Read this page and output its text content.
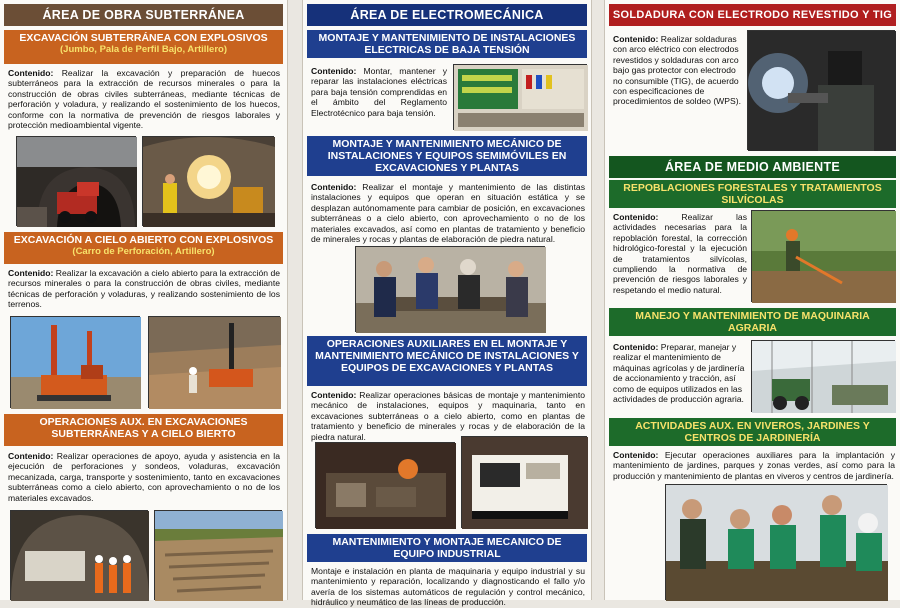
ÁREA DE OBRA SUBTERRÁNEA
EXCAVACIÓN SUBTERRÁNEA CON EXPLOSIVOS
(Jumbo, Pala de Perfil Bajo, Artillero)
Contenido: Realizar la excavación y preparación de huecos subterráneos para la extracción de recursos minerales o para la construcción de obras civiles subterráneas, mediante técnicas de perforación y voladura, y realizando el sostenimiento de los huecos, conforme con la normativa de prevención de riesgos laborales y protección medioambiental vigente.
EXCAVACIÓN A CIELO ABIERTO CON EXPLOSIVOS
(Carro de Perforación, Artillero)
Contenido: Realizar la excavación a cielo abierto para la extracción de recursos minerales o para la construcción de obras civiles, mediante técnicas de perforación y voladuras, y realizando sostenimiento de los terrenos.
OPERACIONES AUX. EN EXCAVACIONES
SUBTERRÁNEAS Y A CIELO BIERTO
Contenido: Realizar operaciones de apoyo, ayuda y asistencia en la ejecución de perforaciones y sondeos, voladuras, excavación mecanizada, carga, transporte y sostenimiento, tanto en excavaciones subterráneas como a cielo abierto, con aprovechamiento o no de los materiales excavados.
ÁREA DE ELECTROMECÁNICA
MONTAJE Y MANTENIMIENTO DE INSTALACIONES ELECTRICAS DE BAJA TENSIÓN
Contenido: Montar, mantener y reparar las instalaciones eléctricas para baja tensión comprendidas en el ámbito del Reglamento Electrotécnico para baja tensión.
MONTAJE Y MANTENIMIENTO MECÁNICO DE INSTALACIONES Y EQUIPOS SEMIMÓVILES EN EXCAVACIONES Y PLANTAS
Contenido: Realizar el montaje y mantenimiento de las distintas instalaciones y equipos que operan en situación estática y se desplazan autónomamente para cambiar de posición, en excavaciones subterráneas o a cielo abierto, con aprovechamiento o no de los materiales excavados, así como en plantas de tratamiento y beneficio de minerales y rocas y plantas de elaboración de piedra natural.
OPERACIONES AUXILIARES EN EL MONTAJE Y MANTENIMIENTO MECÁNICO DE INSTALACIONES Y EQUIPOS DE EXCAVACIONES Y PLANTAS
Contenido: Realizar operaciones básicas de montaje y mantenimiento mecánico de instalaciones, equipos y maquinaria, tanto en excavaciones subterráneas o a cielo abierto, como en plantas de tratamiento y beneficio de minerales y rocas y de elaboración de la piedra natural.
MANTENIMIENTO Y MONTAJE MECANICO DE EQUIPO INDUSTRIAL
Montaje e instalación en planta de maquinaria y equipo industrial y su mantenimiento y reparación, localizando y diagnosticando el fallo y/o avería de los sistemas automáticos de regulación y control mecánico, hidráulico y neumático de las líneas de producción.
SOLDADURA CON ELECTRODO REVESTIDO Y TIG
Contenido: Realizar soldaduras con arco eléctrico con electrodos revestidos y soldaduras con arco bajo gas protector con electrodo no consumible (TIG), de acuerdo con especificaciones de procedimientos de soldeo (WPS).
ÁREA DE MEDIO AMBIENTE
REPOBLACIONES FORESTALES Y TRATAMIENTOS SILVÍCOLAS
Contenido:	Realizar las actividades necesarias para la repoblación forestal, la corrección hidrológico-forestal y la ejecución de tratamientos silvícolas, cumpliendo la normativa de prevención de riesgos laborales y respetando el medio natural.
MANEJO Y MANTENIMIENTO DE MAQUINARIA AGRARIA
Contenido: Preparar, manejar y realizar el mantenimiento de máquinas agrícolas y de jardinería de accionamiento y tracción, así como de equipos utilizados en las actividades de producción agraria.
ACTIVIDADES AUX. EN VIVEROS, JARDINES Y CENTROS DE JARDINERÍA
Contenido: Ejecutar operaciones auxiliares para la implantación y mantenimiento de jardines, parques y zonas verdes, así como para la producción y mantenimiento de plantas en viveros y centros de jardinería.
